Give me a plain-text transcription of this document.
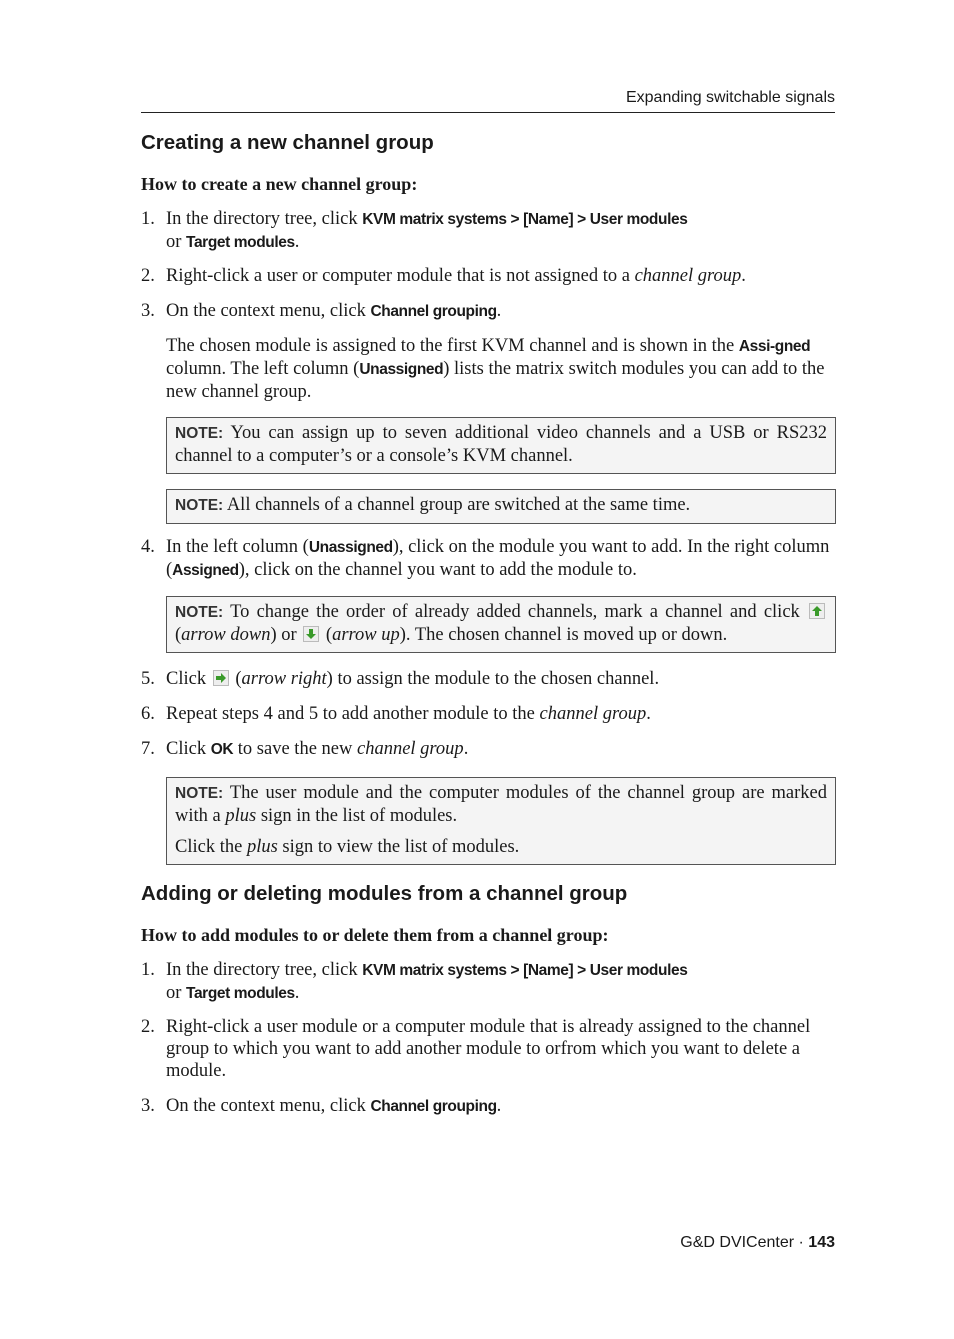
Expanding switchable signals
Creating a new channel group
How to create a new channel group:
1. In the directory tree, click KVM matrix systems > [Name] > User modules
or Target modules.
2. Right-click a user or computer module that is not assigned to a channel group.
3. On the context menu, click Channel grouping.
The chosen module is assigned to the first KVM channel and is shown in the Assi-gned column. The left column (Unassigned) lists the matrix switch modules you can add to the new channel group.
NOTE: You can assign up to seven additional video channels and a USB or RS232 channel to a computer’s or a console’s KVM channel.
NOTE: All channels of a channel group are switched at the same time.
4. In the left column (Unassigned), click on the module you want to add. In the right column (Assigned), click on the channel you want to add the module to.
NOTE: To change the order of already added channels, mark a channel and click
(arrow down) or
(arrow up). The chosen channel is moved up or down.
5. Click
(arrow right) to assign the module to the chosen channel.
6. Repeat steps 4 and 5 to add another module to the channel group.
7. Click OK to save the new channel group.
NOTE: The user module and the computer modules of the channel group are marked with a plus sign in the list of modules.
Click the plus sign to view the list of modules.
Adding or deleting modules from a channel group
How to add modules to or delete them from a channel group:
1. In the directory tree, click KVM matrix systems > [Name] > User modules
or Target modules.
2. Right-click a user module or a computer module that is already assigned to the channel group to which you want to add another module to orfrom which you want to delete a module.
3. On the context menu, click Channel grouping.
G&D DVICenter · 143
